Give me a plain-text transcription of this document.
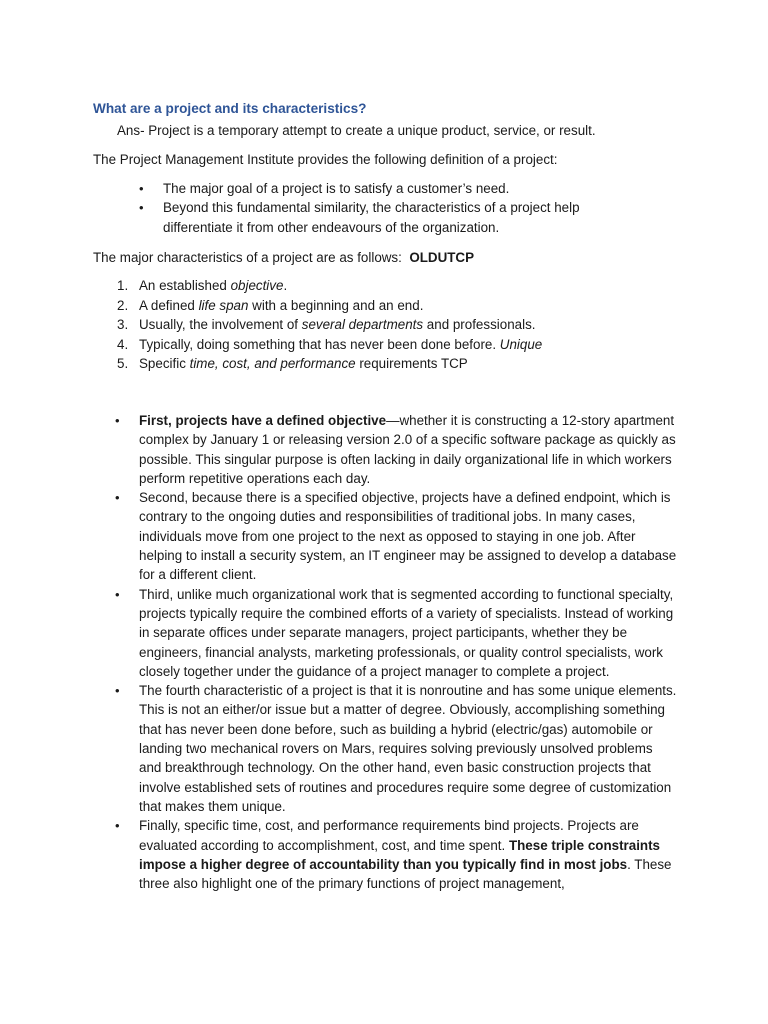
What are a project and its characteristics?

Ans- Project is a temporary attempt to create a unique product, service, or result.

The Project Management Institute provides the following definition of a project:

• The major goal of a project is to satisfy a customer’s need.
• Beyond this fundamental similarity, the characteristics of a project help differentiate it from other endeavours of the organization.

The major characteristics of a project are as follows: OLDUTCP

1. An established objective.
2. A defined life span with a beginning and an end.
3. Usually, the involvement of several departments and professionals.
4. Typically, doing something that has never been done before. Unique
5. Specific time, cost, and performance requirements TCP
• First, projects have a defined objective—whether it is constructing a 12-story apartment complex by January 1 or releasing version 2.0 of a specific software package as quickly as possible. This singular purpose is often lacking in daily organizational life in which workers perform repetitive operations each day.
• Second, because there is a specified objective, projects have a defined endpoint, which is contrary to the ongoing duties and responsibilities of traditional jobs. In many cases, individuals move from one project to the next as opposed to staying in one job. After helping to install a security system, an IT engineer may be assigned to develop a database for a different client.
• Third, unlike much organizational work that is segmented according to functional specialty, projects typically require the combined efforts of a variety of specialists. Instead of working in separate offices under separate managers, project participants, whether they be engineers, financial analysts, marketing professionals, or quality control specialists, work closely together under the guidance of a project manager to complete a project.
• The fourth characteristic of a project is that it is nonroutine and has some unique elements. This is not an either/or issue but a matter of degree. Obviously, accomplishing something that has never been done before, such as building a hybrid (electric/gas) automobile or landing two mechanical rovers on Mars, requires solving previously unsolved problems and breakthrough technology. On the other hand, even basic construction projects that involve established sets of routines and procedures require some degree of customization that makes them unique.
• Finally, specific time, cost, and performance requirements bind projects. Projects are evaluated according to accomplishment, cost, and time spent. These triple constraints impose a higher degree of accountability than you typically find in most jobs. These three also highlight one of the primary functions of project management,
